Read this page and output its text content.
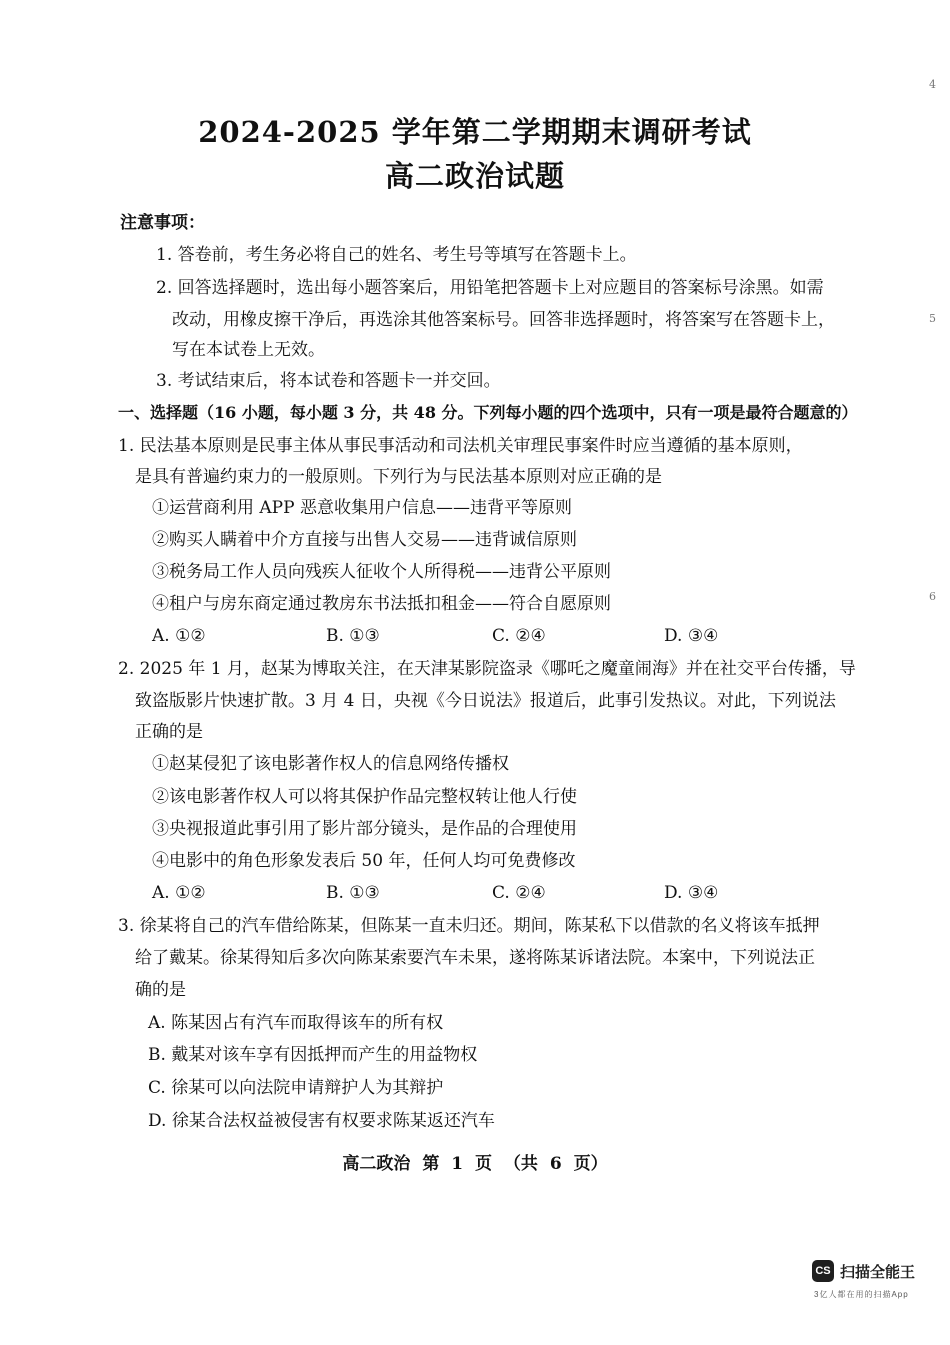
2024-2025 学年第二学期期末调研考试
高二政治试题
注意事项：
1. 答卷前，考生务必将自己的姓名、考生号等填写在答题卡上。
2. 回答选择题时，选出每小题答案后，用铅笔把答题卡上对应题目的答案标号涂黑。如需
改动，用橡皮擦干净后，再选涂其他答案标号。回答非选择题时，将答案写在答题卡上，
写在本试卷上无效。
3. 考试结束后，将本试卷和答题卡一并交回。
一、选择题（16 小题，每小题 3 分，共 48 分。下列每小题的四个选项中，只有一项是最符合题意的）
1. 民法基本原则是民事主体从事民事活动和司法机关审理民事案件时应当遵循的基本原则，
是具有普遍约束力的一般原则。下列行为与民法基本原则对应正确的是
①运营商利用 APP 恶意收集用户信息——违背平等原则
②购买人瞒着中介方直接与出售人交易——违背诚信原则
③税务局工作人员向残疾人征收个人所得税——违背公平原则
④租户与房东商定通过教房东书法抵扣租金——符合自愿原则
A. ①②	B. ①③	C. ②④	D. ③④
2. 2025 年 1 月，赵某为博取关注，在天津某影院盗录《哪吒之魔童闹海》并在社交平台传播，导
致盗版影片快速扩散。3 月 4 日，央视《今日说法》报道后，此事引发热议。对此，下列说法
正确的是
①赵某侵犯了该电影著作权人的信息网络传播权
②该电影著作权人可以将其保护作品完整权转让他人行使
③央视报道此事引用了影片部分镜头，是作品的合理使用
④电影中的角色形象发表后 50 年，任何人均可免费修改
A. ①②	B. ①③	C. ②④	D. ③④
3. 徐某将自己的汽车借给陈某，但陈某一直未归还。期间，陈某私下以借款的名义将该车抵押
给了戴某。徐某得知后多次向陈某索要汽车未果，遂将陈某诉诸法院。本案中，下列说法正
确的是
A. 陈某因占有汽车而取得该车的所有权
B. 戴某对该车享有因抵押而产生的用益物权
C. 徐某可以向法院申请辩护人为其辩护
D. 徐某合法权益被侵害有权要求陈某返还汽车
高二政治 第 1 页 （共 6 页）
CS 扫描全能王
3亿人都在用的扫描App
4
5
6
